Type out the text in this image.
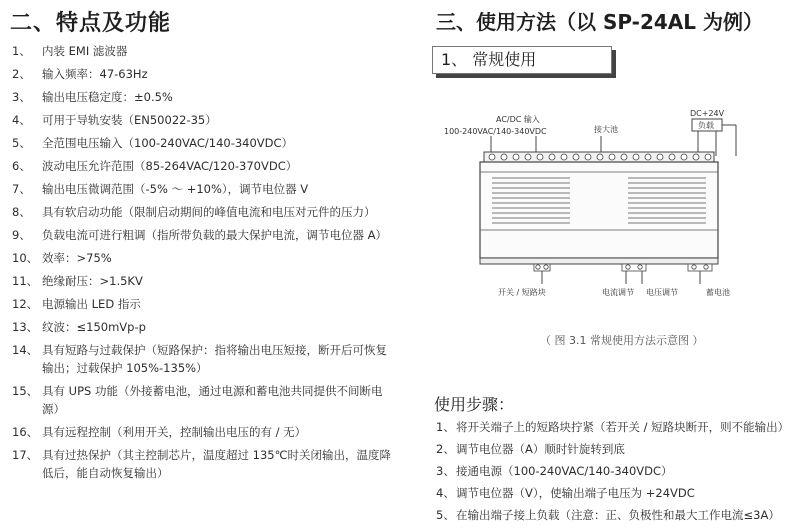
二、特点及功能
1、 内装 EMI 滤波器
2、 输入频率：47-63Hz
3、 输出电压稳定度：±0.5%
4、 可用于导轨安装（EN50022-35）
5、 全范围电压输入（100-240VAC/140-340VDC）
6、 波动电压允许范围（85-264VAC/120-370VDC）
7、 输出电压微调范围（-5% ～ +10%），调节电位器 V
8、 具有软启动功能（限制启动期间的峰值电流和电压对元件的压力）
9、 负载电流可进行粗调（指所带负载的最大保护电流，调节电位器 A）
10、 效率：>75%
11、 绝缘耐压：>1.5KV
12、 电源输出 LED 指示
13、 纹波：≤150mVp-p
14、 具有短路与过载保护（短路保护：指将输出电压短接，断开后可恢复输出；过载保护 105%-135%）
15、 具有 UPS 功能（外接蓄电池，通过电源和蓄电池共同提供不间断电源）
16、 具有远程控制（利用开关，控制输出电压的有 / 无）
17、 具有过热保护（其主控制芯片，温度超过 135℃时关闭输出，温度降低后，能自动恢复输出）
三、使用方法（以 SP-24AL 为例）
1、 常规使用
AC/DC 输入
100-240VAC/140-340VDC	接大池
DC+24V
负载
开关 / 短路块	电流调节 电压调节	蓄电池
（ 图 3.1 常规使用方法示意图 ）
使用步骤：
1、 将开关端子上的短路块拧紧（若开关 / 短路块断开，则不能输出）
2、 调节电位器（A）顺时针旋转到底
3、 接通电源（100-240VAC/140-340VDC）
4、 调节电位器（V），使输出端子电压为 +24VDC
5、 在输出端子接上负载（注意：正、负极性和最大工作电流≤3A）
